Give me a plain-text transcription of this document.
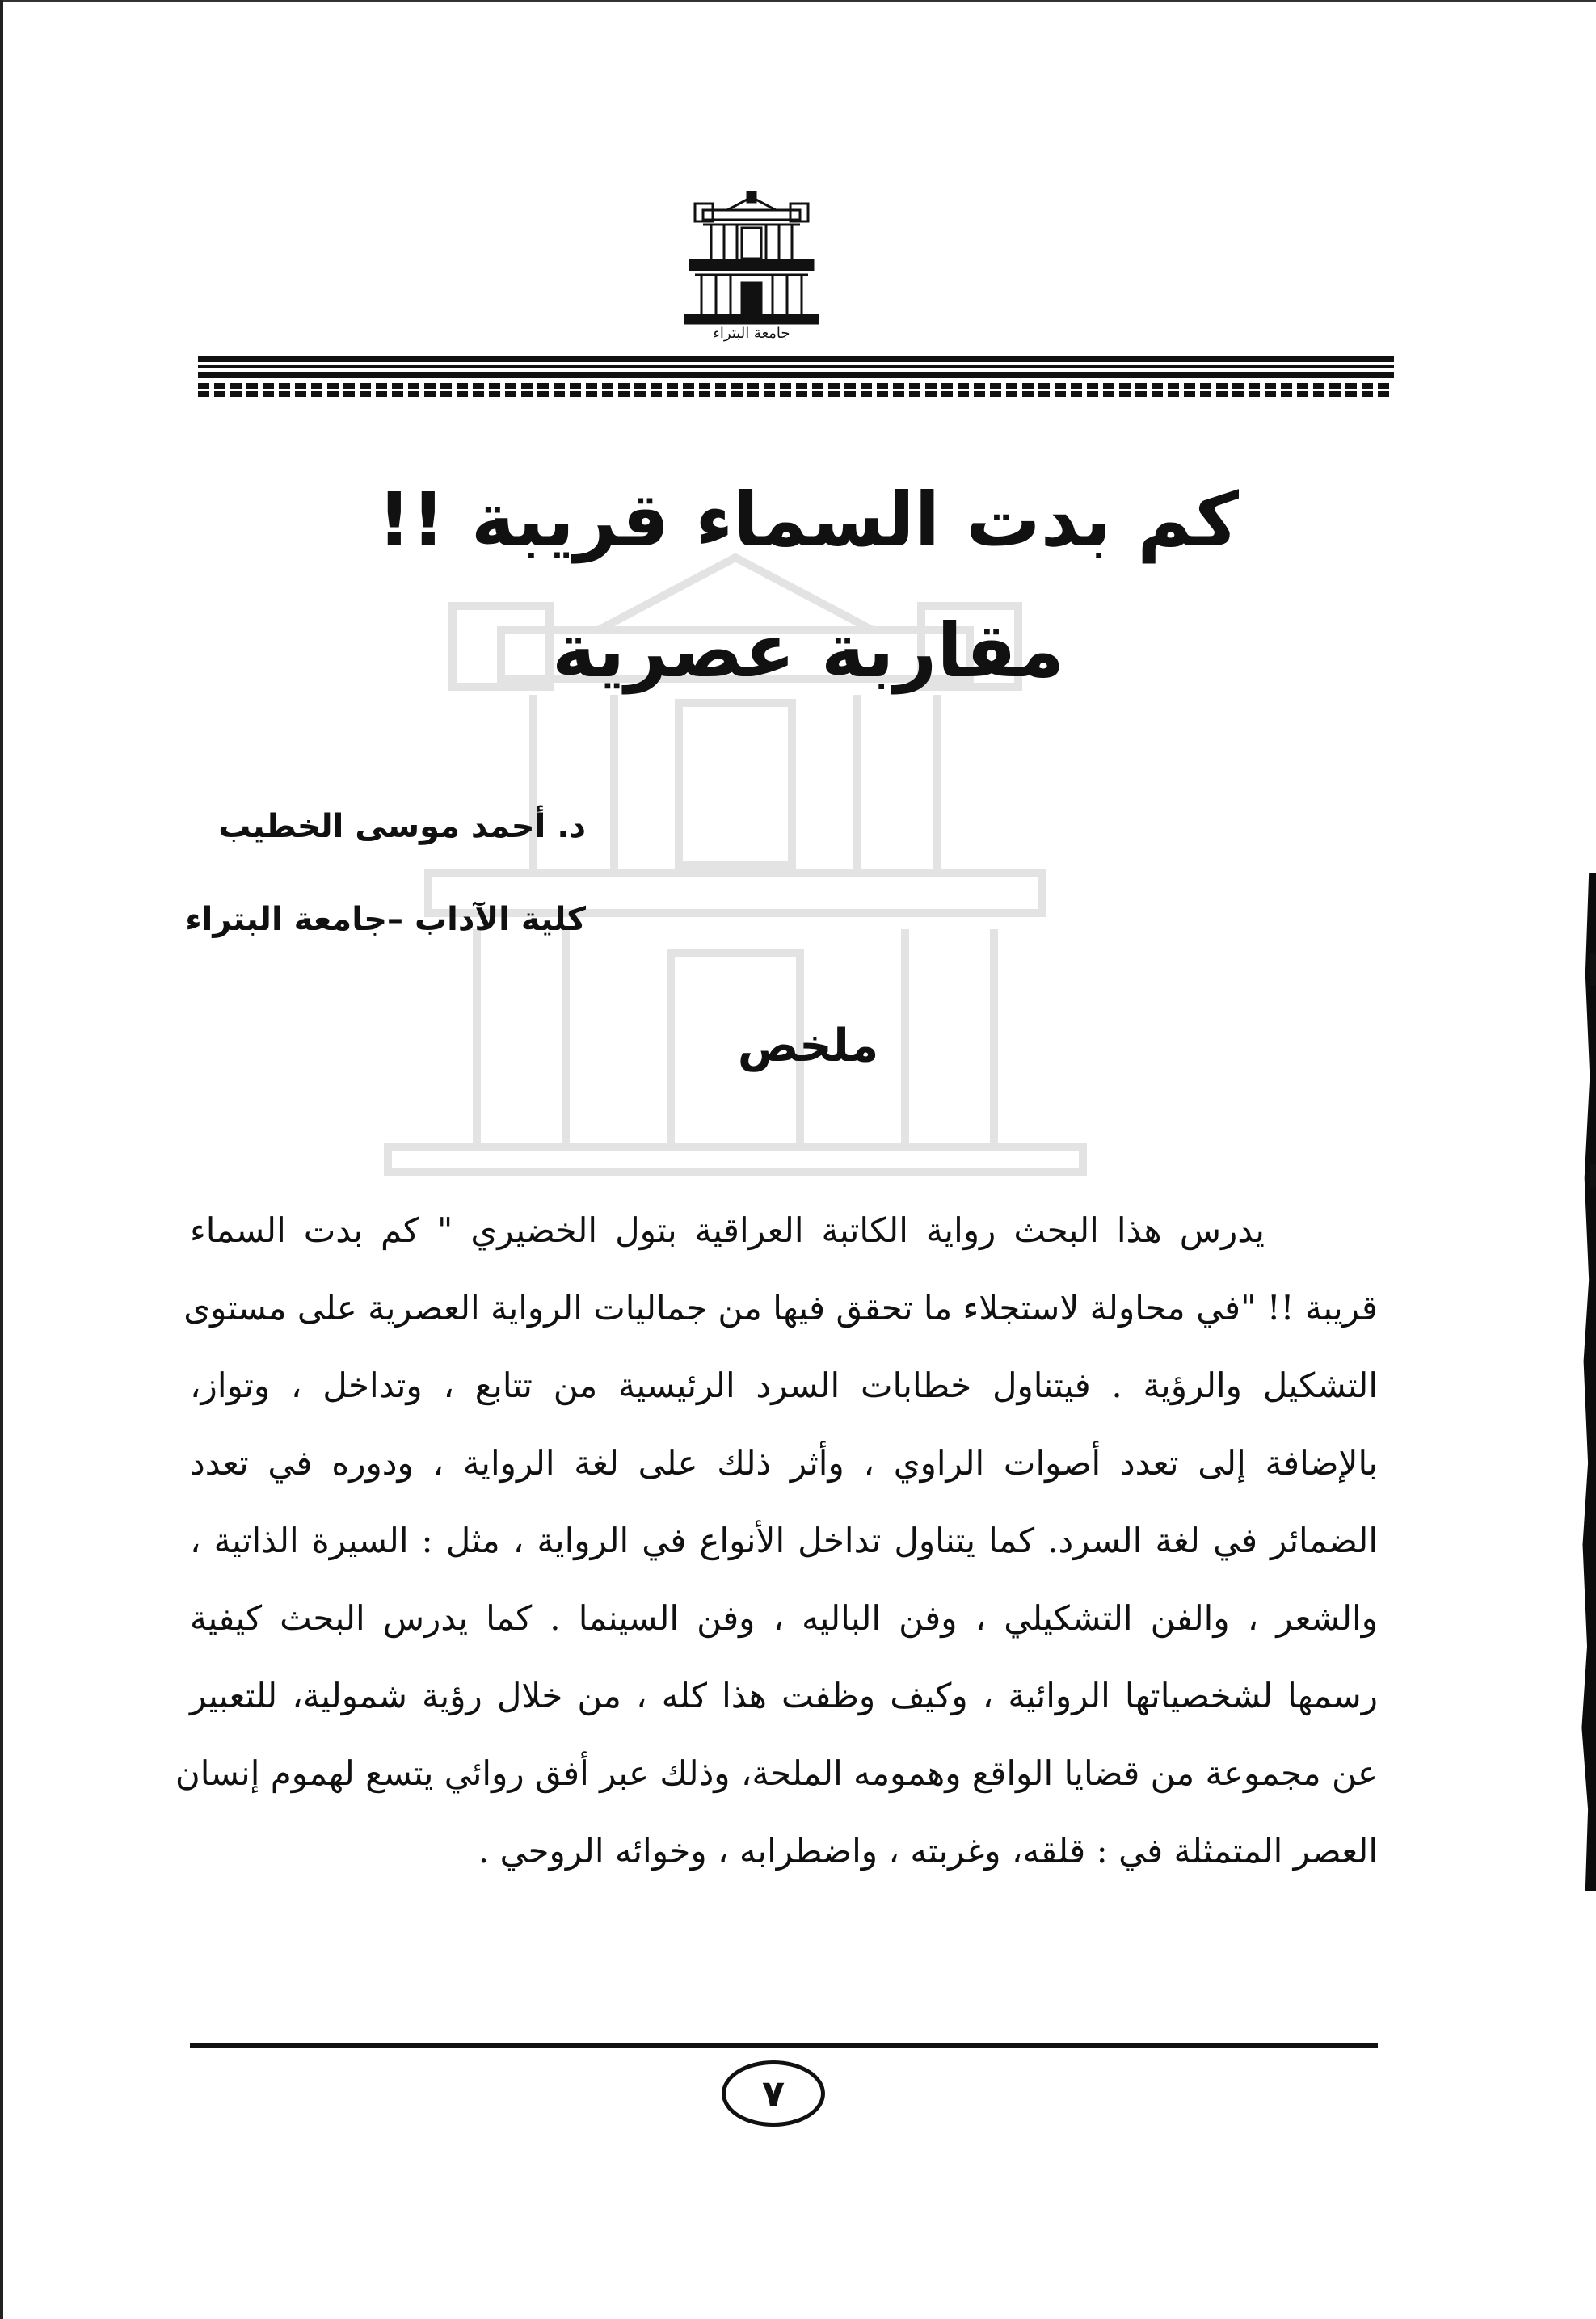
جامعة البتراء
كم بدت السماء قريبة !!
مقاربة عصرية
د. أحمد موسى الخطيب
كلية الآداب –جامعة البتراء
ملخص
يدرس هذا البحث رواية الكاتبة العراقية بتول الخضيري " كم بدت السماء
قريبة !! "في محاولة لاستجلاء ما تحقق فيها من جماليات الرواية العصرية على مستوى
التشكيل والرؤية . فيتناول خطابات السرد الرئيسية من تتابع ، وتداخل ، وتواز،
بالإضافة إلى تعدد أصوات الراوي ، وأثر ذلك على لغة الرواية ، ودوره في تعدد
الضمائر في لغة السرد. كما يتناول تداخل الأنواع في الرواية ، مثل : السيرة الذاتية ،
والشعر ، والفن التشكيلي ، وفن الباليه ، وفن السينما . كما يدرس البحث كيفية
رسمها لشخصياتها الروائية ، وكيف وظفت هذا كله ، من خلال رؤية شمولية، للتعبير
عن مجموعة من قضايا الواقع وهمومه الملحة، وذلك عبر أفق روائي يتسع لهموم إنسان
العصر المتمثلة في : قلقه، وغربته ، واضطرابه ، وخوائه الروحي .
٧
